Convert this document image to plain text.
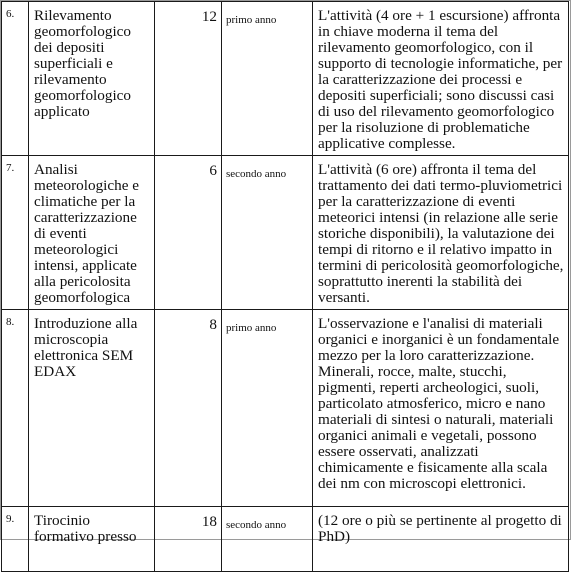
6.	Rilevamento geomorfologico dei depositi superficiali e rilevamento geomorfologico applicato	12	primo anno	L'attività (4 ore + 1 escursione) affronta in chiave moderna il tema del rilevamento geomorfologico, con il supporto di tecnologie informatiche, per la caratterizzazione dei processi e depositi superficiali; sono discussi casi di uso del rilevamento geomorfologico per la risoluzione di problematiche applicative complesse.
7.	Analisi meteorologiche e climatiche per la caratterizzazione di eventi meteorologici intensi, applicate alla pericolosita geomorfologica	6	secondo anno	L'attività (6 ore) affronta il tema del trattamento dei dati termo-pluviometrici per la caratterizzazione di eventi meteorici intensi (in relazione alle serie storiche disponibili), la valutazione dei tempi di ritorno e il relativo impatto in termini di pericolosità geomorfologiche, soprattutto inerenti la stabilità dei versanti.
8.	Introduzione alla microscopia elettronica SEM EDAX	8	primo anno	L'osservazione e l'analisi di materiali organici e inorganici è un fondamentale mezzo per la loro caratterizzazione. Minerali, rocce, malte, stucchi, pigmenti, reperti archeologici, suoli, particolato atmosferico, micro e nano materiali di sintesi o naturali, materiali organici animali e vegetali, possono essere osservati, analizzati chimicamente e fisicamente alla scala dei nm con microscopi elettronici.
9.	Tirocinio formativo presso	18	secondo anno	(12 ore o più se pertinente al progetto di PhD)
